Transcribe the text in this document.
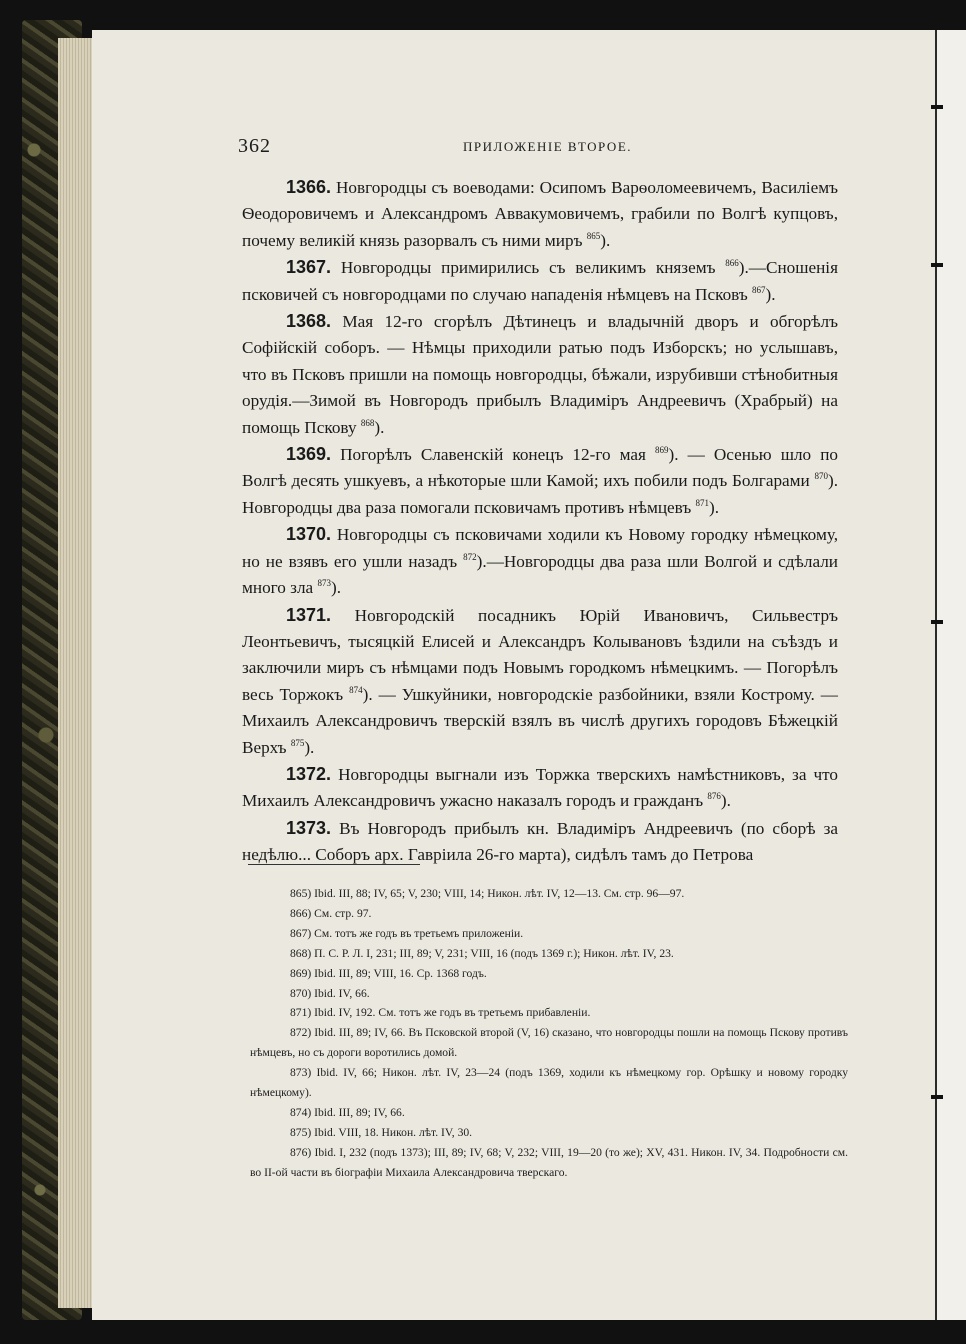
362	ПРИЛОЖЕНІЕ ВТОРОЕ.

1366. Новгородцы съ воеводами: Осипомъ Варѳоломеевичемъ, Василіемъ Ѳеодоровичемъ и Александромъ Аввакумовичемъ, грабили по Волгѣ купцовъ, почему великій князь разорвалъ съ ними миръ $^{865}$).

1367. Новгородцы примирились съ великимъ княземъ $^{866}$).—Сношенія псковичей съ новгородцами по случаю нападенія нѣмцевъ на Псковъ $^{867}$).

1368. Мая 12-го сгорѣлъ Дѣтинецъ и владычній дворъ и обгорѣлъ Софійскій соборъ. — Нѣмцы приходили ратью подъ Изборскъ; но услышавъ, что въ Псковъ пришли на помощь новгородцы, бѣжали, изрубивши стѣнобитныя орудія.—Зимой въ Новгородъ прибылъ Владиміръ Андреевичъ (Храбрый) на помощь Пскову $^{868}$).

1369. Погорѣлъ Славенскій конецъ 12-го мая $^{869}$). — Осенью шло по Волгѣ десять ушкуевъ, а нѣкоторые шли Камой; ихъ побили подъ Болгарами $^{870}$). Новгородцы два раза помогали псковичамъ противъ нѣмцевъ $^{871}$).

1370. Новгородцы съ псковичами ходили къ Новому городку нѣмецкому, но не взявъ его ушли назадъ $^{872}$).—Новгородцы два раза шли Волгой и сдѣлали много зла $^{873}$).

1371. Новгородскій посадникъ Юрій Ивановичъ, Сильвестръ Леонтьевичъ, тысяцкій Елисей и Александръ Колывановъ ѣздили на съѣздъ и заключили миръ съ нѣмцами подъ Новымъ городкомъ нѣмецкимъ. — Погорѣлъ весь Торжокъ $^{874}$). — Ушкуйники, новгородскіе разбойники, взяли Кострому. — Михаилъ Александровичъ тверскій взялъ въ числѣ другихъ городовъ Бѣжецкій Верхъ $^{875}$).

1372. Новгородцы выгнали изъ Торжка тверскихъ намѣстниковъ, за что Михаилъ Александровичъ ужасно наказалъ городъ и гражданъ $^{876}$).

1373. Въ Новгородъ прибылъ кн. Владиміръ Андреевичъ (по сборѣ за недѣлю... Соборъ арх. Гавріила 26-го марта), сидѣлъ тамъ до Петрова

865) Ibid. III, 88; IV, 65; V, 230; VIII, 14; Никон. лѣт. IV, 12—13. См. стр. 96—97.

866) См. стр. 97.

867) См. тотъ же годъ въ третьемъ приложеніи.

868) П. С. Р. Л. I, 231; III, 89; V, 231; VIII, 16 (подъ 1369 г.); Никон. лѣт. IV, 23.

869) Ibid. III, 89; VIII, 16. Ср. 1368 годъ.

870) Ibid. IV, 66.

871) Ibid. IV, 192. См. тотъ же годъ въ третьемъ прибавленіи.

872) Ibid. III, 89; IV, 66. Въ Псковской второй (V, 16) сказано, что новгородцы пошли на помощь Пскову противъ нѣмцевъ, но съ дороги воротились домой.

873) Ibid. IV, 66; Никон. лѣт. IV, 23—24 (подъ 1369, ходили къ нѣмецкому гор. Орѣшку и новому городку нѣмецкому).

874) Ibid. III, 89; IV, 66.

875) Ibid. VIII, 18. Никон. лѣт. IV, 30.

876) Ibid. I, 232 (подъ 1373); III, 89; IV, 68; V, 232; VIII, 19—20 (то же); XV, 431. Никон. IV, 34. Подробности см. во II-ой части въ біографіи Михаила Александровича тверскаго.
